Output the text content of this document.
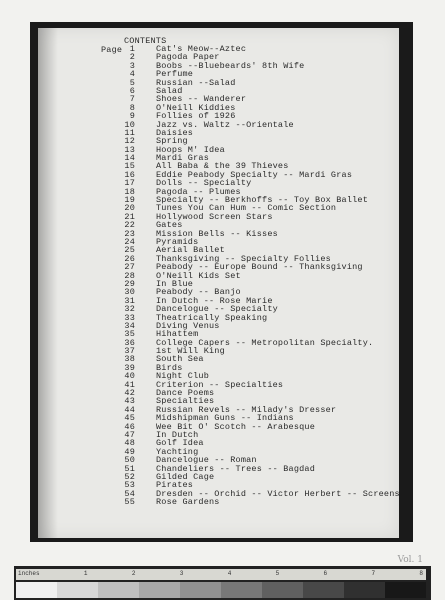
CONTENTS
Page 1 Cat's Meow--Aztec
2 Pagoda Paper
3 Boobs --Bluebeards' 8th Wife
4 Perfume
5 Russian --Salad
6 Salad
7 Shoes -- Wanderer
8 O'Neill Kiddies
9 Follies of 1926
10 Jazz vs. Waltz --Orientale
11 Daisies
12 Spring
13 Hoops M' Idea
14 Mardi Gras
15 All Baba & the 39 Thieves
16 Eddie Peabody Specialty -- Mardi Gras
17 Dolls -- Specialty
18 Pagoda -- Plumes
19 Specialty -- Berkhoffs -- Toy Box Ballet
20 Tunes You Can Hum -- Comic Section
21 Hollywood Screen Stars
22 Gates
23 Mission Bells -- Kisses
24 Pyramids
25 Aerial Ballet
26 Thanksgiving -- Specialty Follies
27 Peabody -- Europe Bound -- Thanksgiving
28 O'Neill Kids Set
29 In Blue
30 Peabody -- Banjo
31 In Dutch -- Rose Marie
32 Dancelogue -- Specialty
33 Theatrically Speaking
34 Diving Venus
35 Hihattem
36 College Capers -- Metropolitan Specialty.
37 1st Will King
38 South Sea
39 Birds
40 Night Club
41 Criterion -- Specialties
42 Dance Poems
43 Specialties
44 Russian Revels -- Milady's Dresser
45 Midshipman Guns -- Indians
46 Wee Bit O' Scotch -- Arabesque
47 In Dutch
48 Golf Idea
49 Yachting
50 Dancelogue -- Roman
51 Chandeliers -- Trees -- Bagdad
52 Gilded Cage
53 Pirates
54 Dresden -- Orchid -- Victor Herbert -- Screens
55 Rose Gardens
Vol. 1
inches	1	2	3	4	5	6	7	8
